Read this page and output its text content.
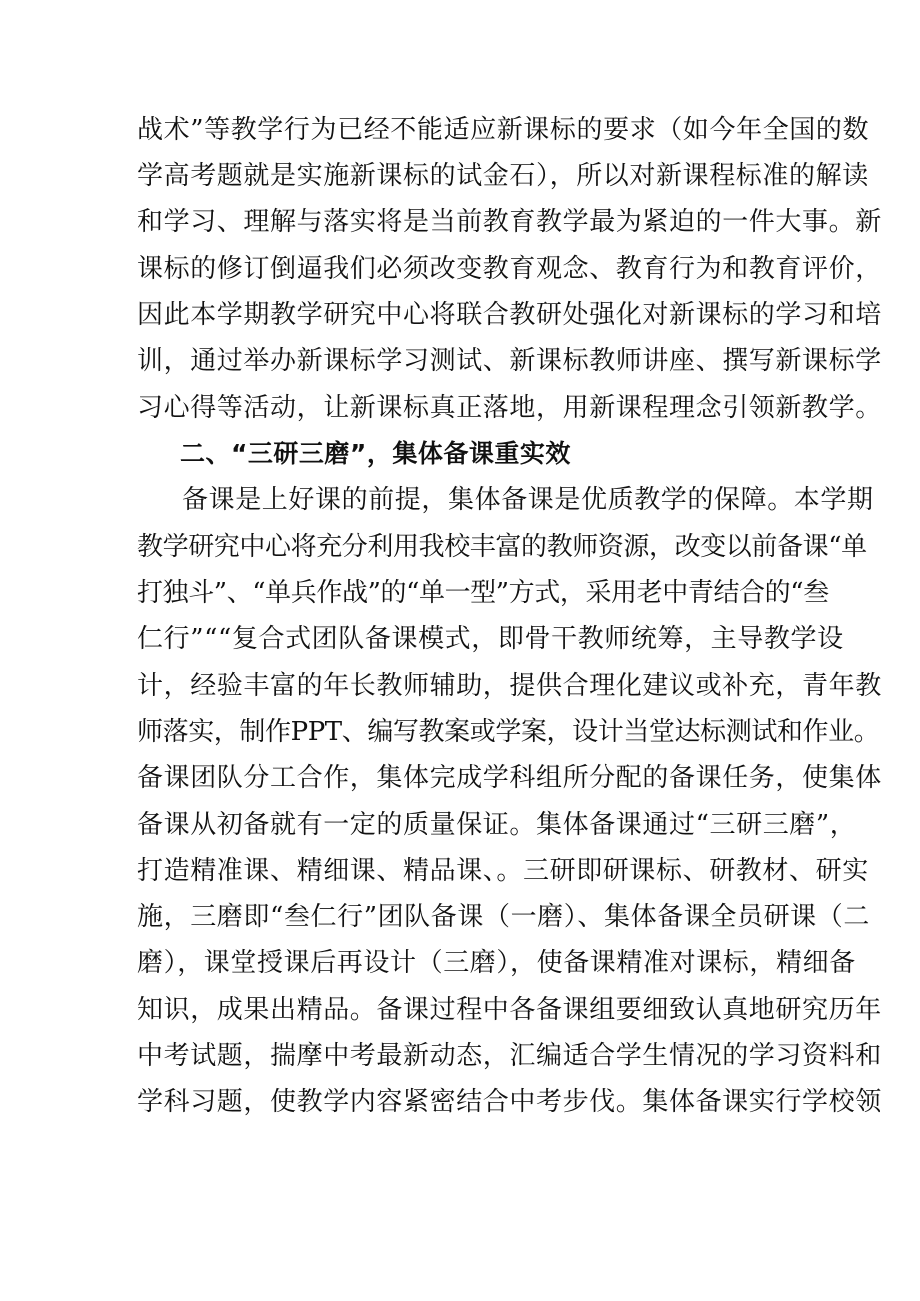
战术”等教学行为已经不能适应新课标的要求（如今年全国的数
学高考题就是实施新课标的试金石），所以对新课程标准的解读
和学习、理解与落实将是当前教育教学最为紧迫的一件大事。新
课标的修订倒逼我们必须改变教育观念、教育行为和教育评价，
因此本学期教学研究中心将联合教研处强化对新课标的学习和培
训，通过举办新课标学习测试、新课标教师讲座、撰写新课标学
习心得等活动，让新课标真正落地，用新课程理念引领新教学。
二、“三研三磨”，集体备课重实效
备课是上好课的前提，集体备课是优质教学的保障。本学期
教学研究中心将充分利用我校丰富的教师资源，改变以前备课“单
打独斗”、“单兵作战”的“单一型”方式，采用老中青结合的“叁
仁行”““复合式团队备课模式，即骨干教师统筹，主导教学设
计，经验丰富的年长教师辅助，提供合理化建议或补充，青年教
师落实，制作PPT、编写教案或学案，设计当堂达标测试和作业。
备课团队分工合作，集体完成学科组所分配的备课任务，使集体
备课从初备就有一定的质量保证。集体备课通过“三研三磨”，
打造精准课、精细课、精品课、。三研即研课标、研教材、研实
施，三磨即“叁仁行”团队备课（一磨）、集体备课全员研课（二
磨），课堂授课后再设计（三磨），使备课精准对课标，精细备
知识，成果出精品。备课过程中各备课组要细致认真地研究历年
中考试题，揣摩中考最新动态，汇编适合学生情况的学习资料和
学科习题，使教学内容紧密结合中考步伐。集体备课实行学校领
